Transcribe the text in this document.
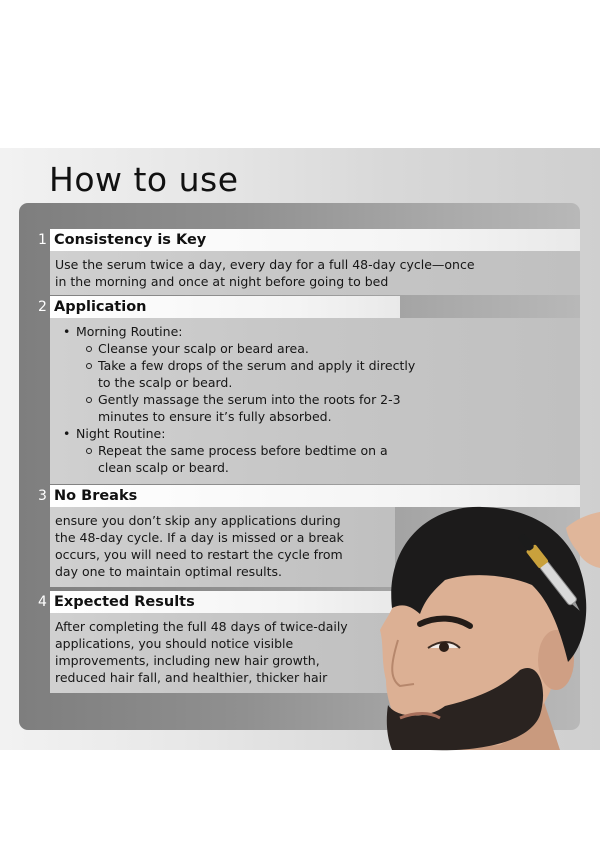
How to use
1 Consistency is Key

Use the serum twice a day, every day for a full 48-day cycle—once
in the morning and once at night before going to bed

2 Application
• Morning Routine:
Cleanse your scalp or beard area.
Take a few drops of the serum and apply it directly
to the scalp or beard.
Gently massage the serum into the roots for 2-3
minutes to ensure it’s fully absorbed.
• Night Routine:
Repeat the same process before bedtime on a
clean scalp or beard.
3 No Breaks

ensure you don’t skip any applications during
the 48-day cycle. If a day is missed or a break
occurs, you will need to restart the cycle from
day one to maintain optimal results.

4 Expected Results

After completing the full 48 days of twice-daily
applications, you should notice visible
improvements, including new hair growth,
reduced hair fall, and healthier, thicker hair
